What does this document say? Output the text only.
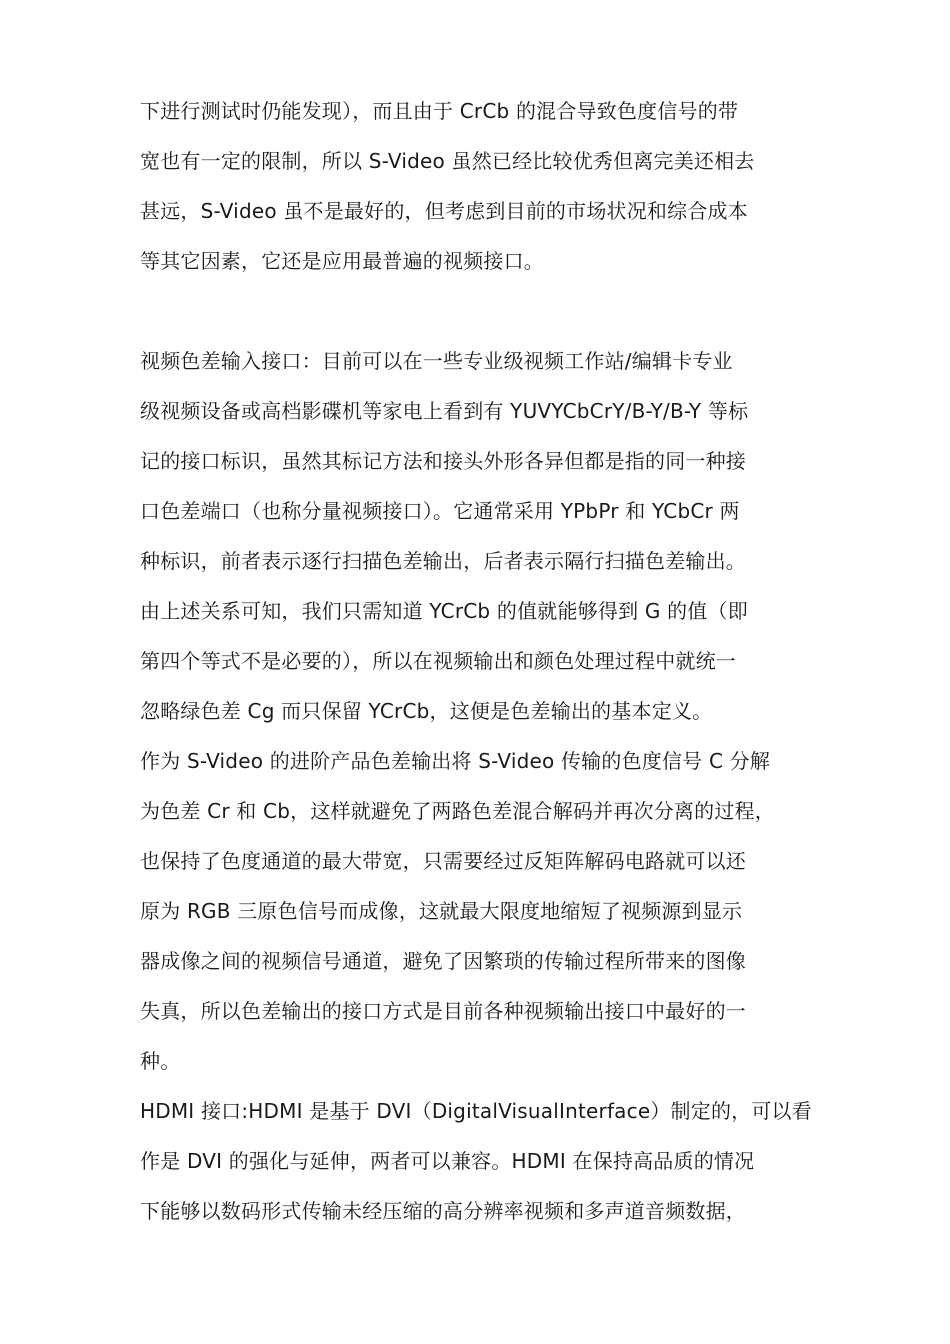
下进行测试时仍能发现），而且由于 CrCb 的混合导致色度信号的带
宽也有一定的限制，所以 S-Video 虽然已经比较优秀但离完美还相去
甚远，S-Video 虽不是最好的，但考虑到目前的市场状况和综合成本
等其它因素，它还是应用最普遍的视频接口。
视频色差输入接口：目前可以在一些专业级视频工作站/编辑卡专业
级视频设备或高档影碟机等家电上看到有 YUVYCbCrY/B-Y/B-Y 等标
记的接口标识，虽然其标记方法和接头外形各异但都是指的同一种接
口色差端口（也称分量视频接口）。它通常采用 YPbPr 和 YCbCr 两
种标识，前者表示逐行扫描色差输出，后者表示隔行扫描色差输出。
由上述关系可知，我们只需知道 YCrCb 的值就能够得到 G 的值（即
第四个等式不是必要的），所以在视频输出和颜色处理过程中就统一
忽略绿色差 Cg 而只保留 YCrCb，这便是色差输出的基本定义。
作为 S-Video 的进阶产品色差输出将 S-Video 传输的色度信号 C 分解
为色差 Cr 和 Cb，这样就避免了两路色差混合解码并再次分离的过程，
也保持了色度通道的最大带宽，只需要经过反矩阵解码电路就可以还
原为 RGB 三原色信号而成像，这就最大限度地缩短了视频源到显示
器成像之间的视频信号通道，避免了因繁琐的传输过程所带来的图像
失真，所以色差输出的接口方式是目前各种视频输出接口中最好的一
种。
HDMI 接口:HDMI 是基于 DVI（DigitalVisualInterface）制定的，可以看
作是 DVI 的强化与延伸，两者可以兼容。HDMI 在保持高品质的情况
下能够以数码形式传输未经压缩的高分辨率视频和多声道音频数据，
